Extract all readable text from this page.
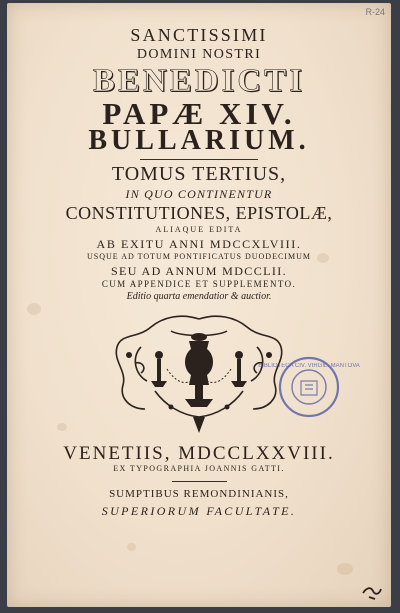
R-24

SANCTISSIMI

DOMINI NOSTRI

BENEDICTI

PAPÆ XIV.

BULLARIUM.

TOMUS TERTIUS,

IN QUO CONTINENTUR

CONSTITUTIONES, EPISTOLÆ,

ALIAQUE EDITA

AB EXITU ANNI MDCCXLVIII.

USQUE AD TOTUM PONTIFICATUS DUODECIMUM

SEU AD ANNUM MDCCLII.

CUM APPENDICE ET SUPPLEMENTO.

Editio quarta emendatior & auctior.

BIBLIOTECA CIV. VIRGIL. MANTOVA

VENETIIS, MDCCLXXVIII.

EX TYPOGRAPHIA JOANNIS GATTI.

SUMPTIBUS REMONDINIANIS,

SUPERIORUM FACULTATE.
